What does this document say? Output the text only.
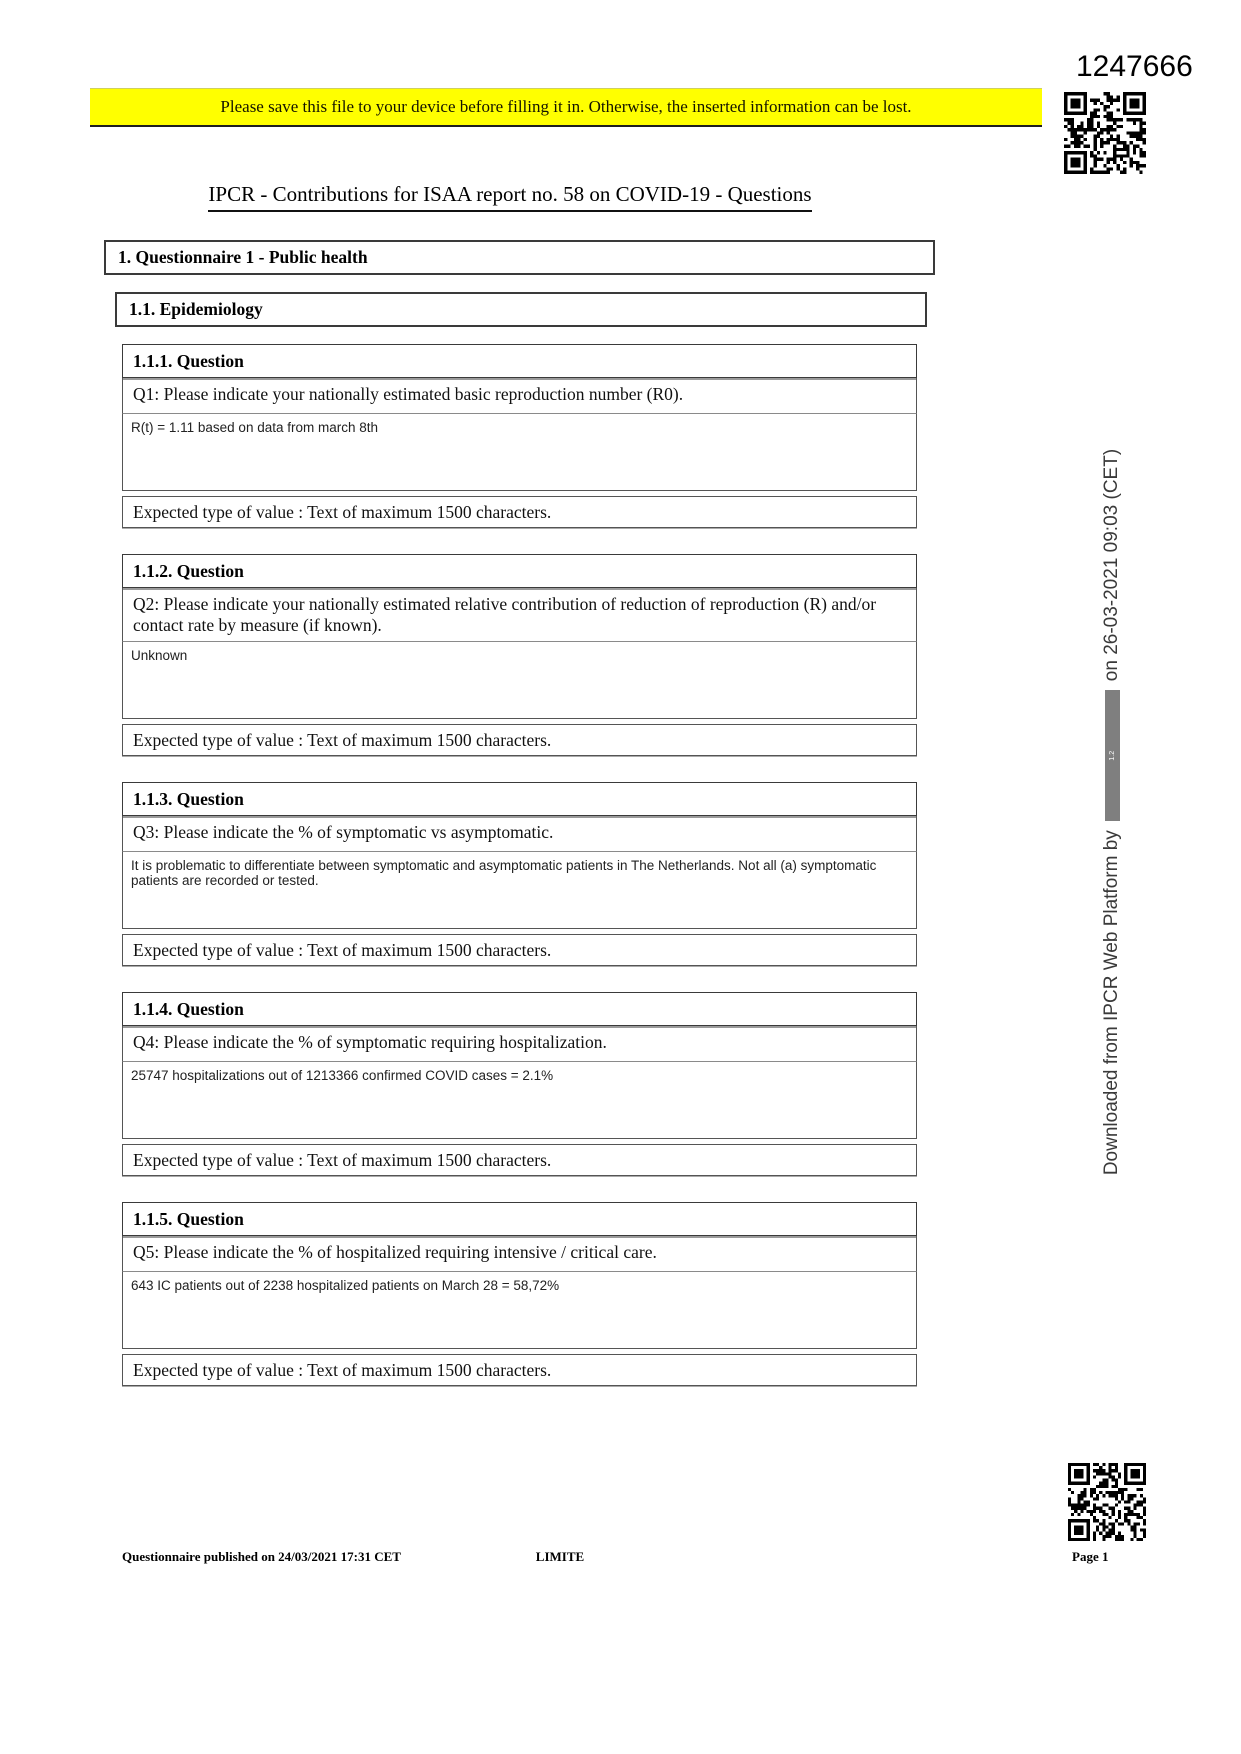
1247666
Please save this file to your device before filling it in. Otherwise, the inserted information can be lost.
IPCR - Contributions for ISAA report no. 58 on COVID-19 - Questions
1. Questionnaire 1 - Public health
1.1. Epidemiology
1.1.1. Question
Q1: Please indicate your nationally estimated basic reproduction number (R0).
R(t) = 1.11 based on data from march 8th
Expected type of value : Text of maximum 1500 characters.
1.1.2. Question
Q2: Please indicate your nationally estimated relative contribution of reduction of reproduction (R) and/or contact rate by measure (if known).
Unknown
Expected type of value : Text of maximum 1500 characters.
1.1.3. Question
Q3: Please indicate the % of symptomatic vs asymptomatic.
It is problematic to differentiate between symptomatic and asymptomatic patients in The Netherlands. Not all (a) symptomatic patients are recorded or tested.
Expected type of value : Text of maximum 1500 characters.
1.1.4. Question
Q4: Please indicate the % of symptomatic requiring hospitalization.
25747 hospitalizations out of 1213366 confirmed COVID cases = 2.1%
Expected type of value : Text of maximum 1500 characters.
1.1.5. Question
Q5: Please indicate the % of hospitalized requiring intensive / critical care.
643 IC patients out of 2238 hospitalized patients on March 28 = 58,72%
Expected type of value : Text of maximum 1500 characters.
Downloaded from IPCR Web Platform by
1.2
on 26-03-2021 09:03 (CET)
Questionnaire published on 24/03/2021 17:31 CET	LIMITE	Page 1
